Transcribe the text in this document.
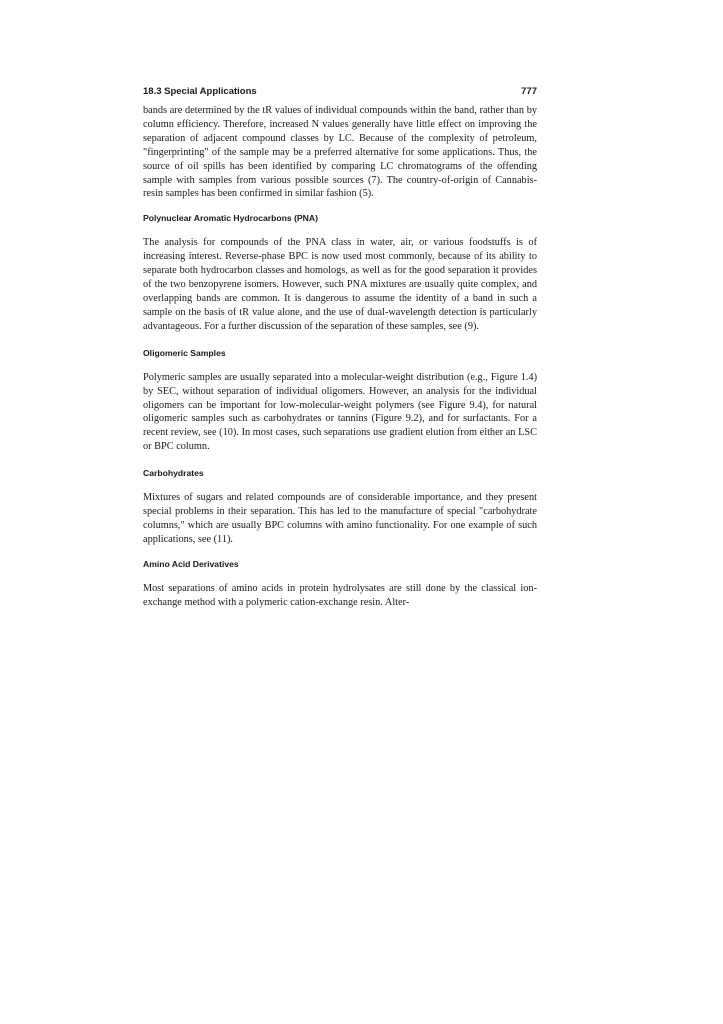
18.3 Special Applications	777

bands are determined by the tR values of individual compounds within the band, rather than by column efficiency. Therefore, increased N values generally have little effect on improving the separation of adjacent compound classes by LC. Because of the complexity of petroleum, "fingerprinting" of the sample may be a preferred alternative for some applications. Thus, the source of oil spills has been identified by comparing LC chromatograms of the offending sample with samples from various possible sources (7). The country-of-origin of Cannabis-resin samples has been confirmed in similar fashion (5).

Polynuclear Aromatic Hydrocarbons (PNA)

The analysis for compounds of the PNA class in water, air, or various foodstuffs is of increasing interest. Reverse-phase BPC is now used most commonly, because of its ability to separate both hydrocarbon classes and homologs, as well as for the good separation it provides of the two benzopyrene isomers. However, such PNA mixtures are usually quite complex, and overlapping bands are common. It is dangerous to assume the identity of a band in such a sample on the basis of tR value alone, and the use of dual-wavelength detection is particularly advantageous. For a further discussion of the separation of these samples, see (9).

Oligomeric Samples

Polymeric samples are usually separated into a molecular-weight distribution (e.g., Figure 1.4) by SEC, without separation of individual oligomers. However, an analysis for the individual oligomers can be important for low-molecular-weight polymers (see Figure 9.4), for natural oligomeric samples such as carbohydrates or tannins (Figure 9.2), and for surfactants. For a recent review, see (10). In most cases, such separations use gradient elution from either an LSC or BPC column.

Carbohydrates

Mixtures of sugars and related compounds are of considerable importance, and they present special problems in their separation. This has led to the manufacture of special "carbohydrate columns," which are usually BPC columns with amino functionality. For one example of such applications, see (11).

Amino Acid Derivatives

Most separations of amino acids in protein hydrolysates are still done by the classical ion-exchange method with a polymeric cation-exchange resin. Alter-
